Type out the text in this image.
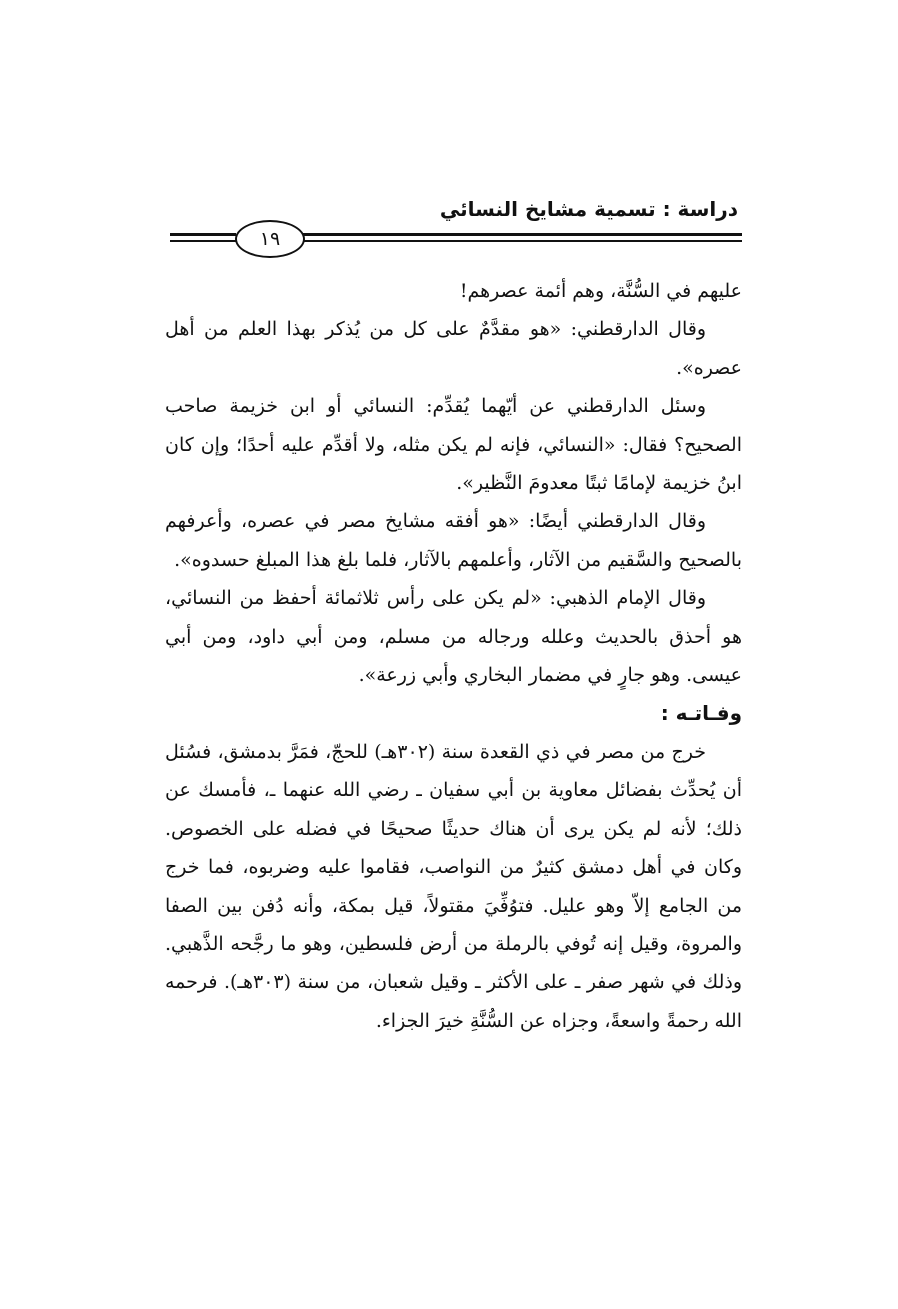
دراسة : تسمية مشايخ النسائي
١٩

عليهم في السُّنَّة، وهم أئمة عصرهم!

وقال الدارقطني: «هو مقدَّمٌ على كل من يُذكر بهذا العلم من أهل عصره».

وسئل الدارقطني عن أيّهما يُقدِّم: النسائي أو ابن خزيمة صاحب الصحيح؟ فقال: «النسائي، فإنه لم يكن مثله، ولا أقدِّم عليه أحدًا؛ وإن كان ابنُ خزيمة لإمامًا ثبتًا معدومَ النَّظير».

وقال الدارقطني أيضًا: «هو أفقه مشايخ مصر في عصره، وأعرفهم بالصحيح والسَّقيم من الآثار، وأعلمهم بالآثار، فلما بلغ هذا المبلغ حسدوه».

وقال الإمام الذهبي: «لم يكن على رأس ثلاثمائة أحفظ من النسائي، هو أحذق بالحديث وعلله ورجاله من مسلم، ومن أبي داود، ومن أبي عيسى. وهو جارٍ في مضمار البخاري وأبي زرعة».

وفـاتـه :

خرج من مصر في ذي القعدة سنة (٣٠٢هـ) للحجّ، فمَرَّ بدمشق، فسُئل أن يُحدِّث بفضائل معاوية بن أبي سفيان ـ رضي الله عنهما ـ، فأمسك عن ذلك؛ لأنه لم يكن يرى أن هناك حديثًا صحيحًا في فضله على الخصوص. وكان في أهل دمشق كثيرٌ من النواصب، فقاموا عليه وضربوه، فما خرج من الجامع إلاّ وهو عليل. فتوُفِّيَ مقتولاً، قيل بمكة، وأنه دُفن بين الصفا والمروة، وقيل إنه تُوفي بالرملة من أرض فلسطين، وهو ما رجَّحه الذَّهبي. وذلك في شهر صفر ـ على الأكثر ـ وقيل شعبان، من سنة (٣٠٣هـ). فرحمه الله رحمةً واسعةً، وجزاه عن السُّنَّةِ خيرَ الجزاء.
